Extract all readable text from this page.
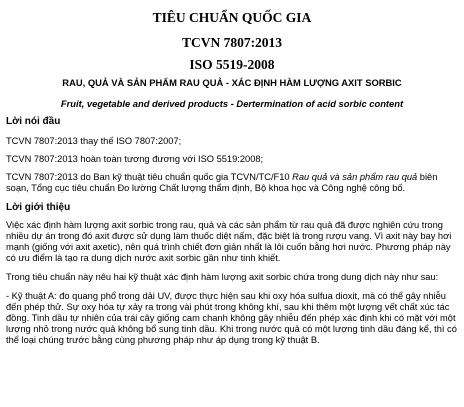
TIÊU CHUẨN QUỐC GIA
TCVN 7807:2013
ISO 5519-2008
RAU, QUẢ VÀ SẢN PHẨM RAU QUẢ - XÁC ĐỊNH HÀM LƯỢNG AXIT SORBIC
Fruit, vegetable and derived products - Dertermination of acid sorbic content
Lời nói đầu

TCVN 7807:2013 thay thế ISO 7807:2007;

TCVN 7807:2013 hoàn toàn tương đương với ISO 5519:2008;

TCVN 7807:2013 do Ban kỹ thuật tiêu chuẩn quốc gia TCVN/TC/F10 Rau quả và sản phẩm rau quả biên soạn, Tổng cục tiêu chuẩn Đo lường Chất lượng thẩm định, Bộ khoa học và Công nghệ công bố.

Lời giới thiệu

Việc xác định hàm lượng axit sorbic trong rau, quả và các sản phẩm từ rau quả đã được nghiên cứu trong nhiều dự án trong đó axit được sử dụng làm thuốc diệt nấm, đặc biệt là trong rượu vang. Vì axit này bay hơi mạnh (giống với axit axetic), nên quá trình chiết đơn giản nhất là lôi cuốn bằng hơi nước. Phương pháp này có ưu điểm là tạo ra dung dịch nước axit sorbic gần như tinh khiết.

Trong tiêu chuẩn này nêu hai kỹ thuật xác định hàm lượng axit sorbic chứa trong dung dịch này như sau:

- Kỹ thuật A: đo quang phổ trong dải UV, được thực hiện sau khi oxy hóa sulfua dioxit, mà có thể gây nhiễu đến phép thử. Sự oxy hóa tự xảy ra trong vài phút trong không khí, sau khi thêm một lượng vết chất xúc tác đồng. Tinh dầu tự nhiên của trái cây giống cam chanh không gây nhiễu đến phép xác định khi có mặt với một lượng nhỏ trong nước quả không bổ sung tinh dầu. Khi trong nước quả có một lượng tinh dầu đáng kể, thì có thể loại chúng trước bằng cùng phương pháp như áp dụng trong kỹ thuật B.
